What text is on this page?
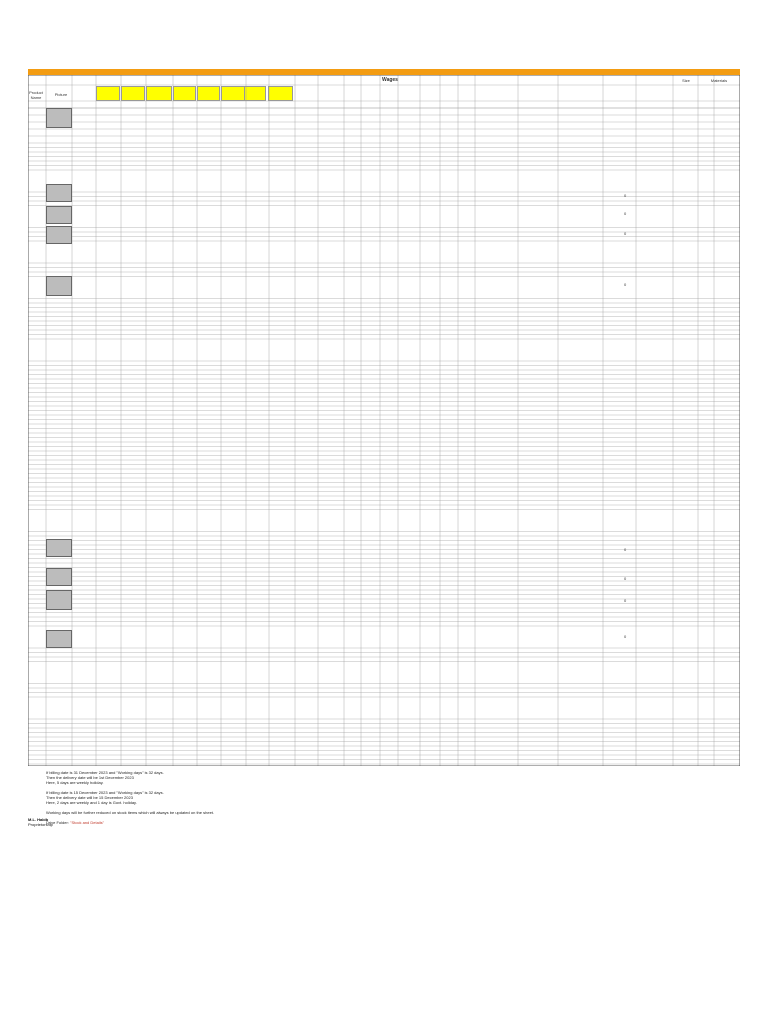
Wages
Product Name
Picture
Size	Materials
0
0
0
0
0
0
0
0

If billing date is 31 December 2023 and "Working days" is 32 days.
Then the delivery date will be 1st December 2023
Here, 5 days are weekly holiday.

If billing date is 15 December 2023 and "Working days" is 32 days.
Then the delivery date will be 15 December 2023
Here, 2 days are weekly and 1 day is Govt. holiday.

Working days will be further reduced on stock items which will always be updated on the sheet.

Drive Folder: "Stock and Details"

M.L. Habib
Proprietorship
